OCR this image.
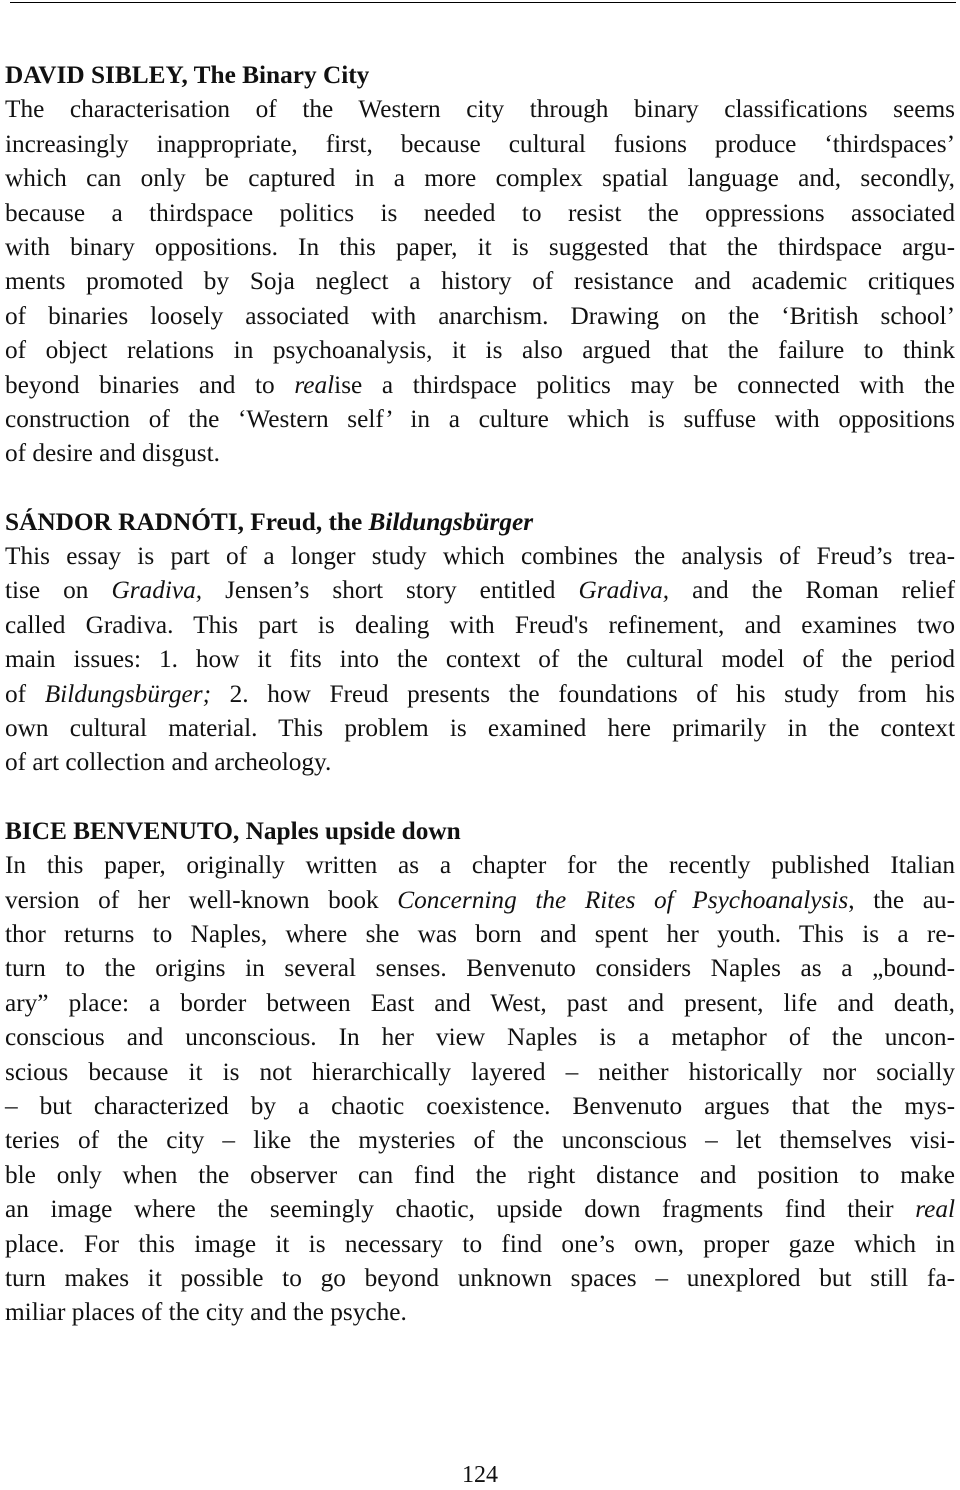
DAVID SIBLEY, The Binary City
The characterisation of the Western city through binary classifications seems
increasingly inappropriate, first, because cultural fusions produce ‘thirdspaces’
which can only be captured in a more complex spatial language and, secondly,
because a thirdspace politics is needed to resist the oppressions associated
with binary oppositions. In this paper, it is suggested that the thirdspace argu-
ments promoted by Soja neglect a history of resistance and academic critiques
of binaries loosely associated with anarchism. Drawing on the ‘British school’
of object relations in psychoanalysis, it is also argued that the failure to think
beyond binaries and to realise a thirdspace politics may be connected with the
construction of the ‘Western self’ in a culture which is suffuse with oppositions
of desire and disgust.
SÁNDOR RADNÓTI, Freud, the Bildungsbürger
This essay is part of a longer study which combines the analysis of Freud’s trea-
tise on Gradiva, Jensen’s short story entitled Gradiva, and the Roman relief
called Gradiva. This part is dealing with Freud's refinement, and examines two
main issues: 1. how it fits into the context of the cultural model of the period
of Bildungsbürger; 2. how Freud presents the foundations of his study from his
own cultural material. This problem is examined here primarily in the context
of art collection and archeology.
BICE BENVENUTO, Naples upside down
In this paper, originally written as a chapter for the recently published Italian
version of her well-known book Concerning the Rites of Psychoanalysis, the au-
thor returns to Naples, where she was born and spent her youth. This is a re-
turn to the origins in several senses. Benvenuto considers Naples as a „bound-
ary” place: a border between East and West, past and present, life and death,
conscious and unconscious. In her view Naples is a metaphor of the uncon-
scious because it is not hierarchically layered – neither historically nor socially
– but characterized by a chaotic coexistence. Benvenuto argues that the mys-
teries of the city – like the mysteries of the unconscious – let themselves visi-
ble only when the observer can find the right distance and position to make
an image where the seemingly chaotic, upside down fragments find their real
place. For this image it is necessary to find one’s own, proper gaze which in
turn makes it possible to go beyond unknown spaces – unexplored but still fa-
miliar places of the city and the psyche.
124
